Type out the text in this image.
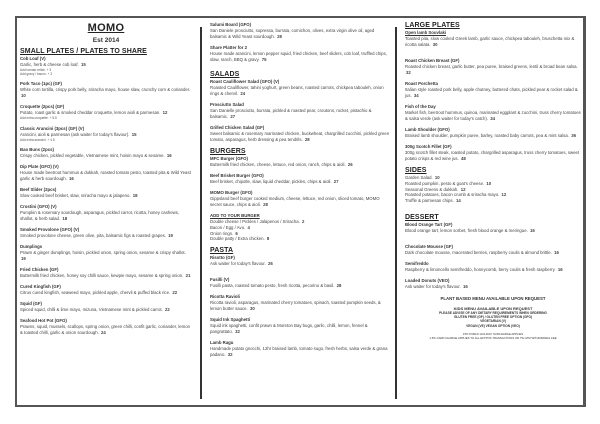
MOMO
Est 2014
SMALL PLATES / PLATES TO SHARE
Cob Loaf (V)
Garlic, herb & cheese cob loaf. 15
Add tomato relish. + 3
Add gravy / bacon. + 3
Pork Taco (1pc) (GF)
White corn tortilla, crispy pork belly, sriracha mayo, house slaw, crunchy corn & coriander. 10
Croquette (2pcs) (GF)
Potato, roast garlic & smoked cheddar croquette, lemon aioli & parmesan. 12
Add extra croquette. + 5.5
Classic Arancini (3pcs) (GF) (V)
Arancini, aioli & parmesan (ask waiter for today's flavour). 15
Add extra arancini. + 4.5
Bao Buns (2pcs)
Crispy chicken, pickled vegetable, Vietnamese mint, hoisin mayo & sesame. 16
Dip Plate (GFO) (V)
House made beetroot hummus & dukkah, roasted tomato pesto, toasted pita & Wild Yeast garlic & herb sourdough. 16
Beef Slider (2pcs)
Slow cooked beef brisket, slaw, sriracha mayo & jalapeno. 18
Crostini (GFO) (V)
Pumpkin & rosemary sourdough, asparagus, pickled carrot, ricotta, honey cashews, shallot, & herb salad. 18
Smoked Provolone (GFO) (V)
Smoked provolone cheese, green olive, pita, balsamic figs & roasted grapes. 19
Dumplings
Prawn & ginger dumplings, hoisin, pickled onion, spring onion, sesame & crispy shallot. 19
Fried Chicken (GF)
Buttermilk fried chicken, honey soy chilli sauce, kewpie mayo, sesame & spring onion. 21
Cured Kingfish (GF)
Citrus cured kingfish, seaweed mayo, pickled apple, chervil & puffed black rice. 22
Squid (GF)
Spiced squid, chilli & lime mayo, mizuna, Vietnamese mint & pickled carrot. 22
Seafood Hot Pot (GFO)
Prawns, squid, mussels, scallops, spring onion, green chilli, confit garlic, coriander, lemon & toasted chilli, garlic & onion sourdough. 24
Salumi Board (GFO)
San Daniele prosciutto, sopressa, burrata, cornichon, olives, extra virgin olive oil, aged balsamic & Wild Yeast sourdough. 28
Share Platter for 2
House made arancini, lemon pepper squid, fried chicken, beef sliders, cob loaf, truffled chips, slaw, ranch, BBQ & gravy. 75
SALADS
Roast Cauliflower Salad (GFO) (V)
Roasted Cauliflower, tahini yoghurt, green beans, roasted carrots, chickpea tabouleh, onion rings & chervil. 24
Prosciutto Salad
San Danielle prosciutto, burrata, pickled & roasted pear, croutons, rocket, pistachio & balsamic. 27
Grilled Chicken Salad (GF)
Sweet balsamic & rosemary marinated chicken, buckwheat, chargrilled zucchini, pickled green tomato, asparagus, herb dressing & pea tendrils. 28
BURGERS
MFC Burger (GFO)
Buttermilk fried chicken, cheese, lettuce, red onion, ranch, chips & aioli. 26
Beef Brisket Burger (GFO)
Beef brisket, chipotle, slaw, liquid cheddar, pickles, chips & aioli. 27
MOMO Burger (GFO)
Gippsland beef burger cooked medium, cheese, lettuce, red onion, sliced tomato, MOMO secret sauce, chips & aioli. 28
ADD TO YOUR BURGER
Double cheese / Pickles / Jalapenos / Sriracha. 2
Bacon / Egg / Avo. 4
Onion rings. 6
Double patty / Extra chicken. 8
PASTA
Risotto (GF)
Ask waiter for today's flavour. 26
Fusilli (V)
Fusilli pasta, roasted tomato pesto, fresh ricotta, pecorino & basil. 28
Ricotta Ravioli
Ricotta ravioli, asparagus, marinated cherry tomatoes, spinach, toasted pumpkin seeds, & lemon butter sauce. 30
Squid Ink Spaghetti
Squid ink spaghetti, confit prawn & Moreton Bay bugs, garlic, chilli, lemon, fennel & pangrattato. 32
Lamb Ragu
Handmade potato gnocchi, 12hr braised lamb, tomato sugo, fresh herbs, salsa verde & grana padano. 32
LARGE PLATES
Open lamb Souvlaki
Toasted pita, slow cooked Greek lamb, garlic sauce, chickpea tabouleh, bruschetta mix & ricotta salata. 30
Roast Chicken Breast (GF)
Roasted chicken breast, garlic butter, pea puree, braised greens, lentil & broad bean salsa. 32
Roast Porchetta
Italian style roasted pork belly, apple chutney, buttered chats, pickled pear & rocket salad & jus. 34
Fish of the Day
Market fish, beetroot hummus, quinoa, marinated eggplant & zucchini, truss cherry tomatoes & salsa verde (ask waiter for today's catch). 34
Lamb Shoulder (GFO)
Braised lamb shoulder, pumpkin puree, barley, roasted baby carrots, pea & mint salsa. 36
300g Scotch Fillet (GF)
300g scotch fillet steak, roasted potato, chargrilled asparagus, truss cherry tomatoes, sweet potato crisps & red wine jus. 48
SIDES
Garden Salad. 10
Roasted pumpkin, pesto & goat's cheese. 10
Seasonal Greens & dukkah. 12
Roasted potatoes, bacon crumb & sriracha mayo. 12
Truffle & parmesan chips. 14
DESSERT
Blood Orange Tart (GF)
Blood orange tart, lemon sorbet, fresh blood orange & meringue. 16
Chocolate Mousse (GF)
Dark chocolate mousse, macerated berries, raspberry coulis & almond brittle. 16
Semifreddo
Raspberry & limoncello semifreddo, honeycomb, berry coulis & fresh raspberry. 16
Loaded Donuts (VEO)
Ask waiter for today's flavour. 16
PLANT BASED MENU AVAILABLE UPON REQUEST
KIDS MENU AVAILABLE UPON REQUEST
PLEASE ADVISE OF ANY DIETARY REQUIREMENTS WHEN ORDERING
GLUTEN FREE (GF) / GLUTEN FREE OPTION (GFO)
VEGETARIAN (V)
VEGAN (VE) VEGAN OPTION (VEO)
15% PUBLIC HOLIDAY SURCHARGE APPLIES
1.5% CARD CHARGE APPLIES TO ALL EFTPOS TRANSACTIONS OR 75c ATM WITHDRAWAL FEE
